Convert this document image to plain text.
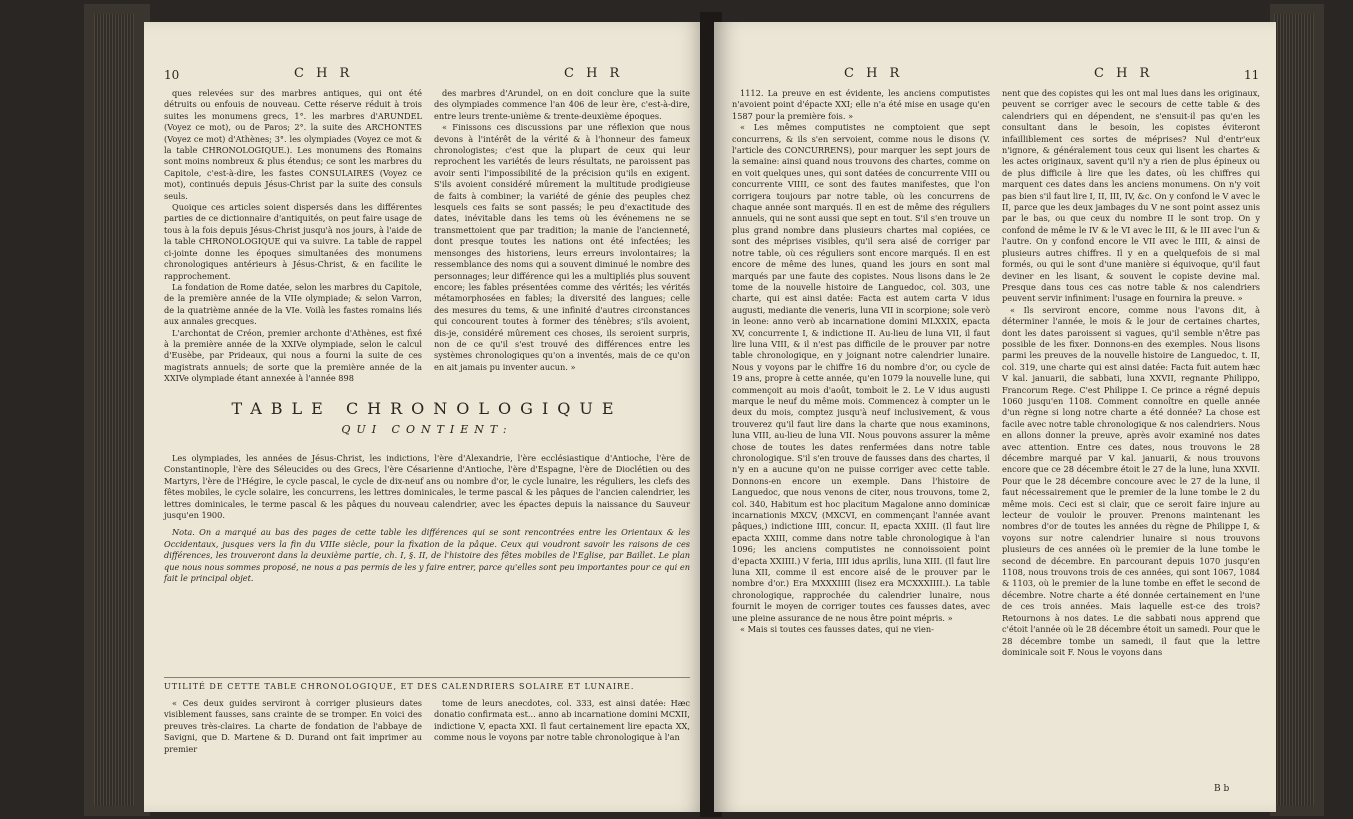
10	C H R	C H R

ques relevées sur des marbres antiques, qui ont été détruits ou enfouis de nouveau. Cette réserve réduit à trois suites les monumens grecs, 1°. les marbres d'ARUNDEL (Voyez ce mot), ou de Paros; 2°. la suite des ARCHONTES (Voyez ce mot) d'Athènes; 3°. les olympiades (Voyez ce mot & la table CHRONOLOGIQUE.). Les monumens des Romains sont moins nombreux & plus étendus; ce sont les marbres du Capitole, c'est-à-dire, les fastes CONSULAIRES (Voyez ce mot), continués depuis Jésus-Christ par la suite des consuls seuls.

Quoique ces articles soient dispersés dans les différentes parties de ce dictionnaire d'antiquités, on peut faire usage de tous à la fois depuis Jésus-Christ jusqu'à nos jours, à l'aide de la table CHRONOLOGIQUE qui va suivre. La table de rappel ci-jointe donne les époques simultanées des monumens chronologiques antérieurs à Jésus-Christ, & en facilite le rapprochement.

La fondation de Rome datée, selon les marbres du Capitole, de la première année de la VIIe olympiade; & selon Varron, de la quatrième année de la VIe. Voilà les fastes romains liés aux annales grecques.

L'archontat de Créon, premier archonte d'Athènes, est fixé à la première année de la XXIVe olympiade, selon le calcul d'Eusèbe, par Prideaux, qui nous a fourni la suite de ces magistrats annuels; de sorte que la première année de la XXIVe olympiade étant annexée à l'année 898

des marbres d'Arundel, on en doit conclure que la suite des olympiades commence l'an 406 de leur ère, c'est-à-dire, entre leurs trente-unième & trente-deuxième époques.

« Finissons ces discussions par une réflexion que nous devons à l'intérêt de la vérité & à l'honneur des fameux chronologistes; c'est que la plupart de ceux qui leur reprochent les variétés de leurs résultats, ne paroissent pas avoir senti l'impossibilité de la précision qu'ils en exigent. S'ils avoient considéré mûrement la multitude prodigieuse de faits à combiner; la variété de génie des peuples chez lesquels ces faits se sont passés; le peu d'exactitude des dates, inévitable dans les tems où les événemens ne se transmettoient que par tradition; la manie de l'ancienneté, dont presque toutes les nations ont été infectées; les mensonges des historiens, leurs erreurs involontaires; la ressemblance des noms qui a souvent diminué le nombre des personnages; leur différence qui les a multipliés plus souvent encore; les fables présentées comme des vérités; les vérités métamorphosées en fables; la diversité des langues; celle des mesures du tems, & une infinité d'autres circonstances qui concourent toutes à former des ténèbres; s'ils avoient, dis-je, considéré mûrement ces choses, ils seroient surpris, non de ce qu'il s'est trouvé des différences entre les systèmes chronologiques qu'on a inventés, mais de ce qu'on en ait jamais pu inventer aucun. »

TABLE CHRONOLOGIQUE
QUI CONTIENT:

Les olympiades, les années de Jésus-Christ, les indictions, l'ère d'Alexandrie, l'ère ecclésiastique d'Antioche, l'ère de Constantinople, l'ère des Séleucides ou des Grecs, l'ère Césarienne d'Antioche, l'ère d'Espagne, l'ère de Dioclétien ou des Martyrs, l'ère de l'Hégire, le cycle pascal, le cycle de dix-neuf ans ou nombre d'or, le cycle lunaire, les réguliers, les clefs des fêtes mobiles, le cycle solaire, les concurrens, les lettres dominicales, le terme pascal & les pâques de l'ancien calendrier, les lettres dominicales, le terme pascal & les pâques du nouveau calendrier, avec les épactes depuis la naissance du Sauveur jusqu'en 1900.

Nota. On a marqué au bas des pages de cette table les différences qui se sont rencontrées entre les Orientaux & les Occidentaux, jusques vers la fin du VIIIe siècle, pour la fixation de la pâque. Ceux qui voudront savoir les raisons de ces différences, les trouveront dans la deuxième partie, ch. I, §. II, de l'histoire des fêtes mobiles de l'Eglise, par Baillet. Le plan que nous nous sommes proposé, ne nous a pas permis de les y faire entrer, parce qu'elles sont peu importantes pour ce qui en fait le principal objet.

UTILITÉ DE CETTE TABLE CHRONOLOGIQUE, ET DES CALENDRIERS SOLAIRE ET LUNAIRE.

« Ces deux guides serviront à corriger plusieurs dates visiblement fausses, sans crainte de se tromper. En voici des preuves très-claires. La charte de fondation de l'abbaye de Savigni, que D. Martene & D. Durand ont fait imprimer au premier

tome de leurs anecdotes, col. 333, est ainsi datée: Hæc donatio confirmata est... anno ab incarnatione domini MCXII, indictione V, epacta XXI. Il faut certainement lire epacta XX, comme nous le voyons par notre table chronologique à l'an

C H R	C H R	11

1112. La preuve en est évidente, les anciens computistes n'avoient point d'épacte XXI; elle n'a été mise en usage qu'en 1587 pour la première fois. »

« Les mêmes computistes ne comptoient que sept concurrens, & ils s'en servoient, comme nous le disons (V. l'article des CONCURRENS), pour marquer les sept jours de la semaine: ainsi quand nous trouvons des chartes, comme on en voit quelques unes, qui sont datées de concurrente VIII ou concurrente VIIII, ce sont des fautes manifestes, que l'on corrigera toujours par notre table, où les concurrens de chaque année sont marqués. Il en est de même des réguliers annuels, qui ne sont aussi que sept en tout. S'il s'en trouve un plus grand nombre dans plusieurs chartes mal copiées, ce sont des méprises visibles, qu'il sera aisé de corriger par notre table, où ces réguliers sont encore marqués. Il en est encore de même des lunes, quand les jours en sont mal marqués par une faute des copistes. Nous lisons dans le 2e tome de la nouvelle histoire de Languedoc, col. 303, une charte, qui est ainsi datée: Facta est autem carta V idus augusti, mediante die veneris, luna VII in scorpione; sole verò in leone: anno verò ab incarnatione domini MLXXIX, epacta XV, concurrente I, & indictione II. Au-lieu de luna VII, il faut lire luna VIII, & il n'est pas difficile de le prouver par notre table chronologique, en y joignant notre calendrier lunaire. Nous y voyons par le chiffre 16 du nombre d'or, ou cycle de 19 ans, propre à cette année, qu'en 1079 la nouvelle lune, qui commençoit au mois d'août, tomboit le 2. Le V idus augusti marque le neuf du même mois. Commencez à compter un le deux du mois, comptez jusqu'à neuf inclusivement, & vous trouverez qu'il faut lire dans la charte que nous examinons, luna VIII, au-lieu de luna VII. Nous pouvons assurer la même chose de toutes les dates renfermées dans notre table chronologique. S'il s'en trouve de fausses dans des chartes, il n'y en a aucune qu'on ne puisse corriger avec cette table. Donnons-en encore un exemple. Dans l'histoire de Languedoc, que nous venons de citer, nous trouvons, tome 2, col. 340, Habitum est hoc placitum Magalone anno dominicæ incarnationis MXCV, (MXCVI, en commençant l'année avant pâques,) indictione IIII, concur. II, epacta XXIII. (Il faut lire epacta XXIII, comme dans notre table chronologique à l'an 1096; les anciens computistes ne connoissoient point d'epacta XXIIII.) V feria, IIII idus aprilis, luna XIII. (Il faut lire luna XII, comme il est encore aisé de le prouver par le nombre d'or.) Era MXXXIIII (lisez era MCXXXIIII.). La table chronologique, rapprochée du calendrier lunaire, nous fournit le moyen de corriger toutes ces fausses dates, avec une pleine assurance de ne nous être point mépris. »

« Mais si toutes ces fausses dates, qui ne vien-

nent que des copistes qui les ont mal lues dans les originaux, peuvent se corriger avec le secours de cette table & des calendriers qui en dépendent, ne s'ensuit-il pas qu'en les consultant dans le besoin, les copistes éviteront infailliblement ces sortes de méprises? Nul d'entr'eux n'ignore, & généralement tous ceux qui lisent les chartes & les actes originaux, savent qu'il n'y a rien de plus épineux ou de plus difficile à lire que les dates, où les chiffres qui marquent ces dates dans les anciens monumens. On n'y voit pas bien s'il faut lire I, II, III, IV, &c. On y confond le V avec le II, parce que les deux jambages du V ne sont point assez unis par le bas, ou que ceux du nombre II le sont trop. On y confond de même le IV & le VI avec le III, & le III avec l'un & l'autre. On y confond encore le VII avec le IIII, & ainsi de plusieurs autres chiffres. Il y en a quelquefois de si mal formés, ou qui le sont d'une manière si équivoque, qu'il faut deviner en les lisant, & souvent le copiste devine mal. Presque dans tous ces cas notre table & nos calendriers peuvent servir infiniment: l'usage en fournira la preuve. »

« Ils serviront encore, comme nous l'avons dit, à déterminer l'année, le mois & le jour de certaines chartes, dont les dates paroissent si vagues, qu'il semble n'être pas possible de les fixer. Donnons-en des exemples. Nous lisons parmi les preuves de la nouvelle histoire de Languedoc, t. II, col. 319, une charte qui est ainsi datée: Facta fuit autem hæc V kal. januarii, die sabbati, luna XXVII, regnante Philippo, Francorum Rege. C'est Philippe I. Ce prince a régné depuis 1060 jusqu'en 1108. Comment connoître en quelle année d'un règne si long notre charte a été donnée? La chose est facile avec notre table chronologique & nos calendriers. Nous en allons donner la preuve, après avoir examiné nos dates avec attention. Entre ces dates, nous trouvons le 28 décembre marqué par V kal. januarii, & nous trouvons encore que ce 28 décembre étoit le 27 de la lune, luna XXVII. Pour que le 28 décembre concoure avec le 27 de la lune, il faut nécessairement que le premier de la lune tombe le 2 du même mois. Ceci est si clair, que ce seroit faire injure au lecteur de vouloir le prouver. Prenons maintenant les nombres d'or de toutes les années du règne de Philippe I, & voyons sur notre calendrier lunaire si nous trouvons plusieurs de ces années où le premier de la lune tombe le second de décembre. En parcourant depuis 1070 jusqu'en 1108, nous trouvons trois de ces années, qui sont 1067, 1084 & 1103, où le premier de la lune tombe en effet le second de décembre. Notre charte a été donnée certainement en l'une de ces trois années. Mais laquelle est-ce des trois? Retournons à nos dates. Le die sabbati nous apprend que c'étoit l'année où le 28 décembre étoit un samedi. Pour que le 28 décembre tombe un samedi, il faut que la lettre dominicale soit F. Nous le voyons dans

B b
